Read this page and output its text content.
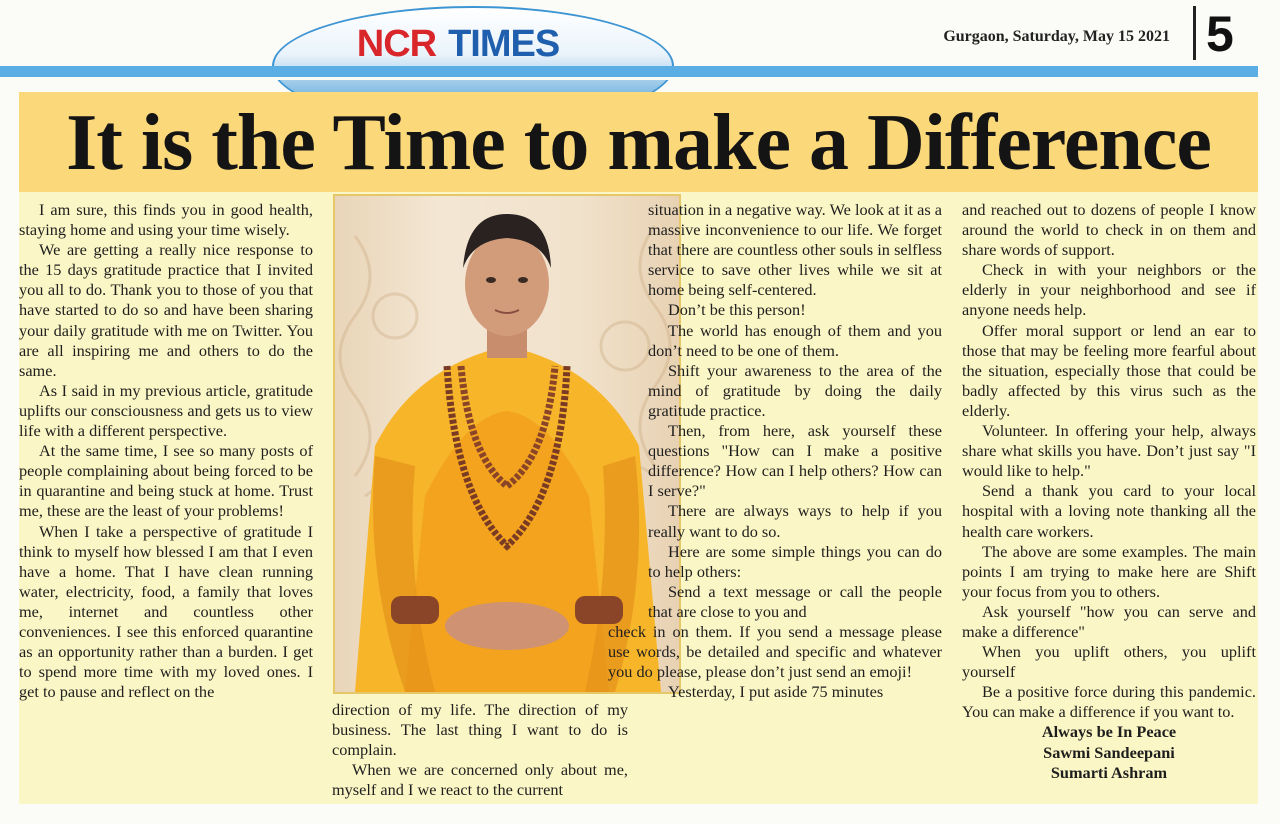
NCR TIMES	Gurgaon, Saturday, May 15 2021 5
It is the Time to make a Difference

I am sure, this finds you in good health, staying home and using your time wisely.

We are getting a really nice response to the 15 days gratitude practice that I invited you all to do. Thank you to those of you that have started to do so and have been sharing your daily gratitude with me on Twitter. You are all inspiring me and others to do the same.

As I said in my previous article, gratitude uplifts our consciousness and gets us to view life with a different perspective.

At the same time, I see so many posts of people complaining about being forced to be in quarantine and being stuck at home. Trust me, these are the least of your problems!

When I take a perspective of gratitude I think to myself how blessed I am that I even have a home. That I have clean running water, electricity, food, a family that loves me, internet and countless other conveniences. I see this enforced quarantine as an opportunity rather than a burden. I get to spend more time with my loved ones. I get to pause and reflect on the

direction of my life. The direction of my business. The last thing I want to do is complain.

When we are concerned only about me, myself and I we react to the current

situation in a negative way. We look at it as a massive inconvenience to our life. We forget that there are countless other souls in selfless service to save other lives while we sit at home being self-centered.

Don’t be this person!

The world has enough of them and you don’t need to be one of them.

Shift your awareness to the area of the mind of gratitude by doing the daily gratitude practice.

Then, from here, ask yourself these questions "How can I make a positive difference? How can I help others? How can I serve?"

There are always ways to help if you really want to do so.

Here are some simple things you can do to help others:

Send a text message or call the people that are close to you and

check in on them. If you send a message please use words, be detailed and specific and whatever you do please, please don’t just send an emoji!

Yesterday, I put aside 75 minutes

and reached out to dozens of people I know around the world to check in on them and share words of support.

Check in with your neighbors or the elderly in your neighborhood and see if anyone needs help.

Offer moral support or lend an ear to those that may be feeling more fearful about the situation, especially those that could be badly affected by this virus such as the elderly.

Volunteer. In offering your help, always share what skills you have. Don’t just say "I would like to help."

Send a thank you card to your local hospital with a loving note thanking all the health care workers.

The above are some examples. The main points I am trying to make here are Shift your focus from you to others.

Ask yourself "how you can serve and make a difference"

When you uplift others, you uplift yourself

Be a positive force during this pandemic. You can make a difference if you want to.

Always be In Peace

Sawmi Sandeepani

Sumarti Ashram
